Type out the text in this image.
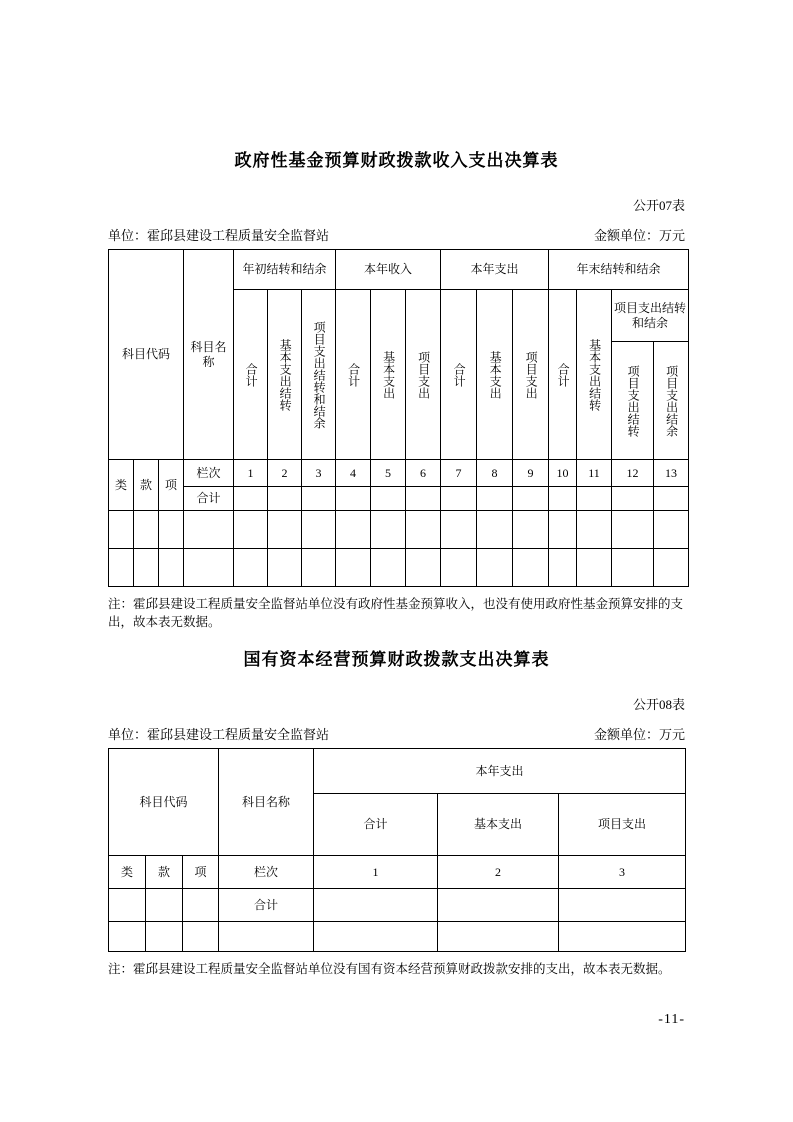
政府性基金预算财政拨款收入支出决算表
公开07表
单位：霍邱县建设工程质量安全监督站	金额单位：万元
科目代码			科目名称	年初结转和结余			本年收入			本年支出			年末结转和结余			

				合计	基本支出结转	项目支出结转和结余	合计	基本支出	项目支出	合计	基本支出	项目支出	合计	基本支出结转	项目支出结转和结余	

															项目支出结转	项目支出结余

类	款	项	栏次	1	2	3	4	5	6	7	8	9	10	11	12	13
			合计													

注：霍邱县建设工程质量安全监督站单位没有政府性基金预算收入，也没有使用政府性基金预算安排的支出，故本表无数据。
国有资本经营预算财政拨款支出决算表
公开08表
单位：霍邱县建设工程质量安全监督站	金额单位：万元
科目代码			科目名称	本年支出		
				合计	基本支出	项目支出
类	款	项	栏次	1	2	3
			合计			

注：霍邱县建设工程质量安全监督站单位没有国有资本经营预算财政拨款安排的支出，故本表无数据。
-11-
